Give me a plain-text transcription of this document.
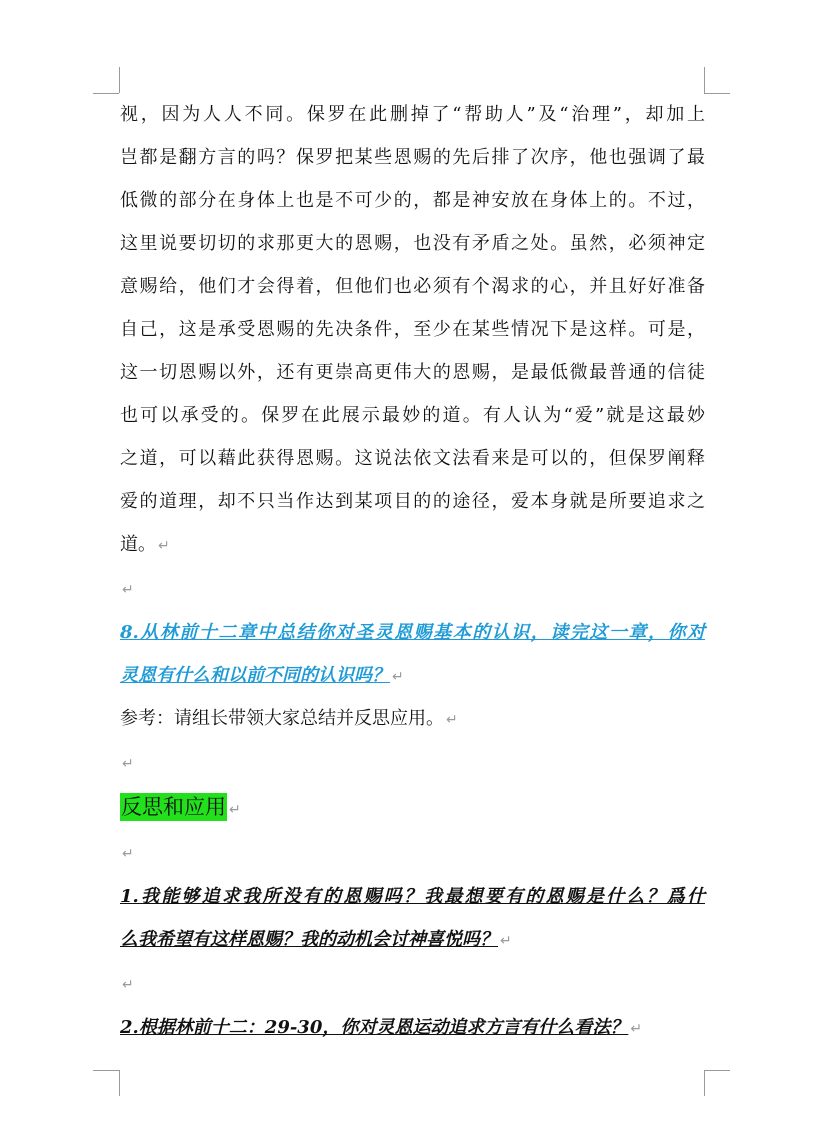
视，因为人人不同。保罗在此删掉了“帮助人”及“治理”，却加上
岂都是翻方言的吗？保罗把某些恩赐的先后排了次序，他也强调了最
低微的部分在身体上也是不可少的，都是神安放在身体上的。不过，
这里说要切切的求那更大的恩赐，也没有矛盾之处。虽然，必须神定
意赐给，他们才会得着，但他们也必须有个渴求的心，并且好好准备
自己，这是承受恩赐的先决条件，至少在某些情况下是这样。可是，
这一切恩赐以外，还有更崇高更伟大的恩赐，是最低微最普通的信徒
也可以承受的。保罗在此展示最妙的道。有人认为“爱”就是这最妙
之道，可以藉此获得恩赐。这说法依文法看来是可以的，但保罗阐释
爱的道理，却不只当作达到某项目的的途径，爱本身就是所要追求之
道。 ↵
↵
8.从林前十二章中总结你对圣灵恩赐基本的认识，读完这一章，你对
灵恩有什么和以前不同的认识吗？ ↵
参考：请组长带领大家总结并反思应用。 ↵
↵
反思和应用 ↵
↵
1.我能够追求我所没有的恩赐吗？我最想要有的恩赐是什么？爲什
么我希望有这样恩赐？我的动机会讨神喜悦吗？ ↵
↵
2.根据林前十二：29-30，你对灵恩运动追求方言有什么看法？ ↵
